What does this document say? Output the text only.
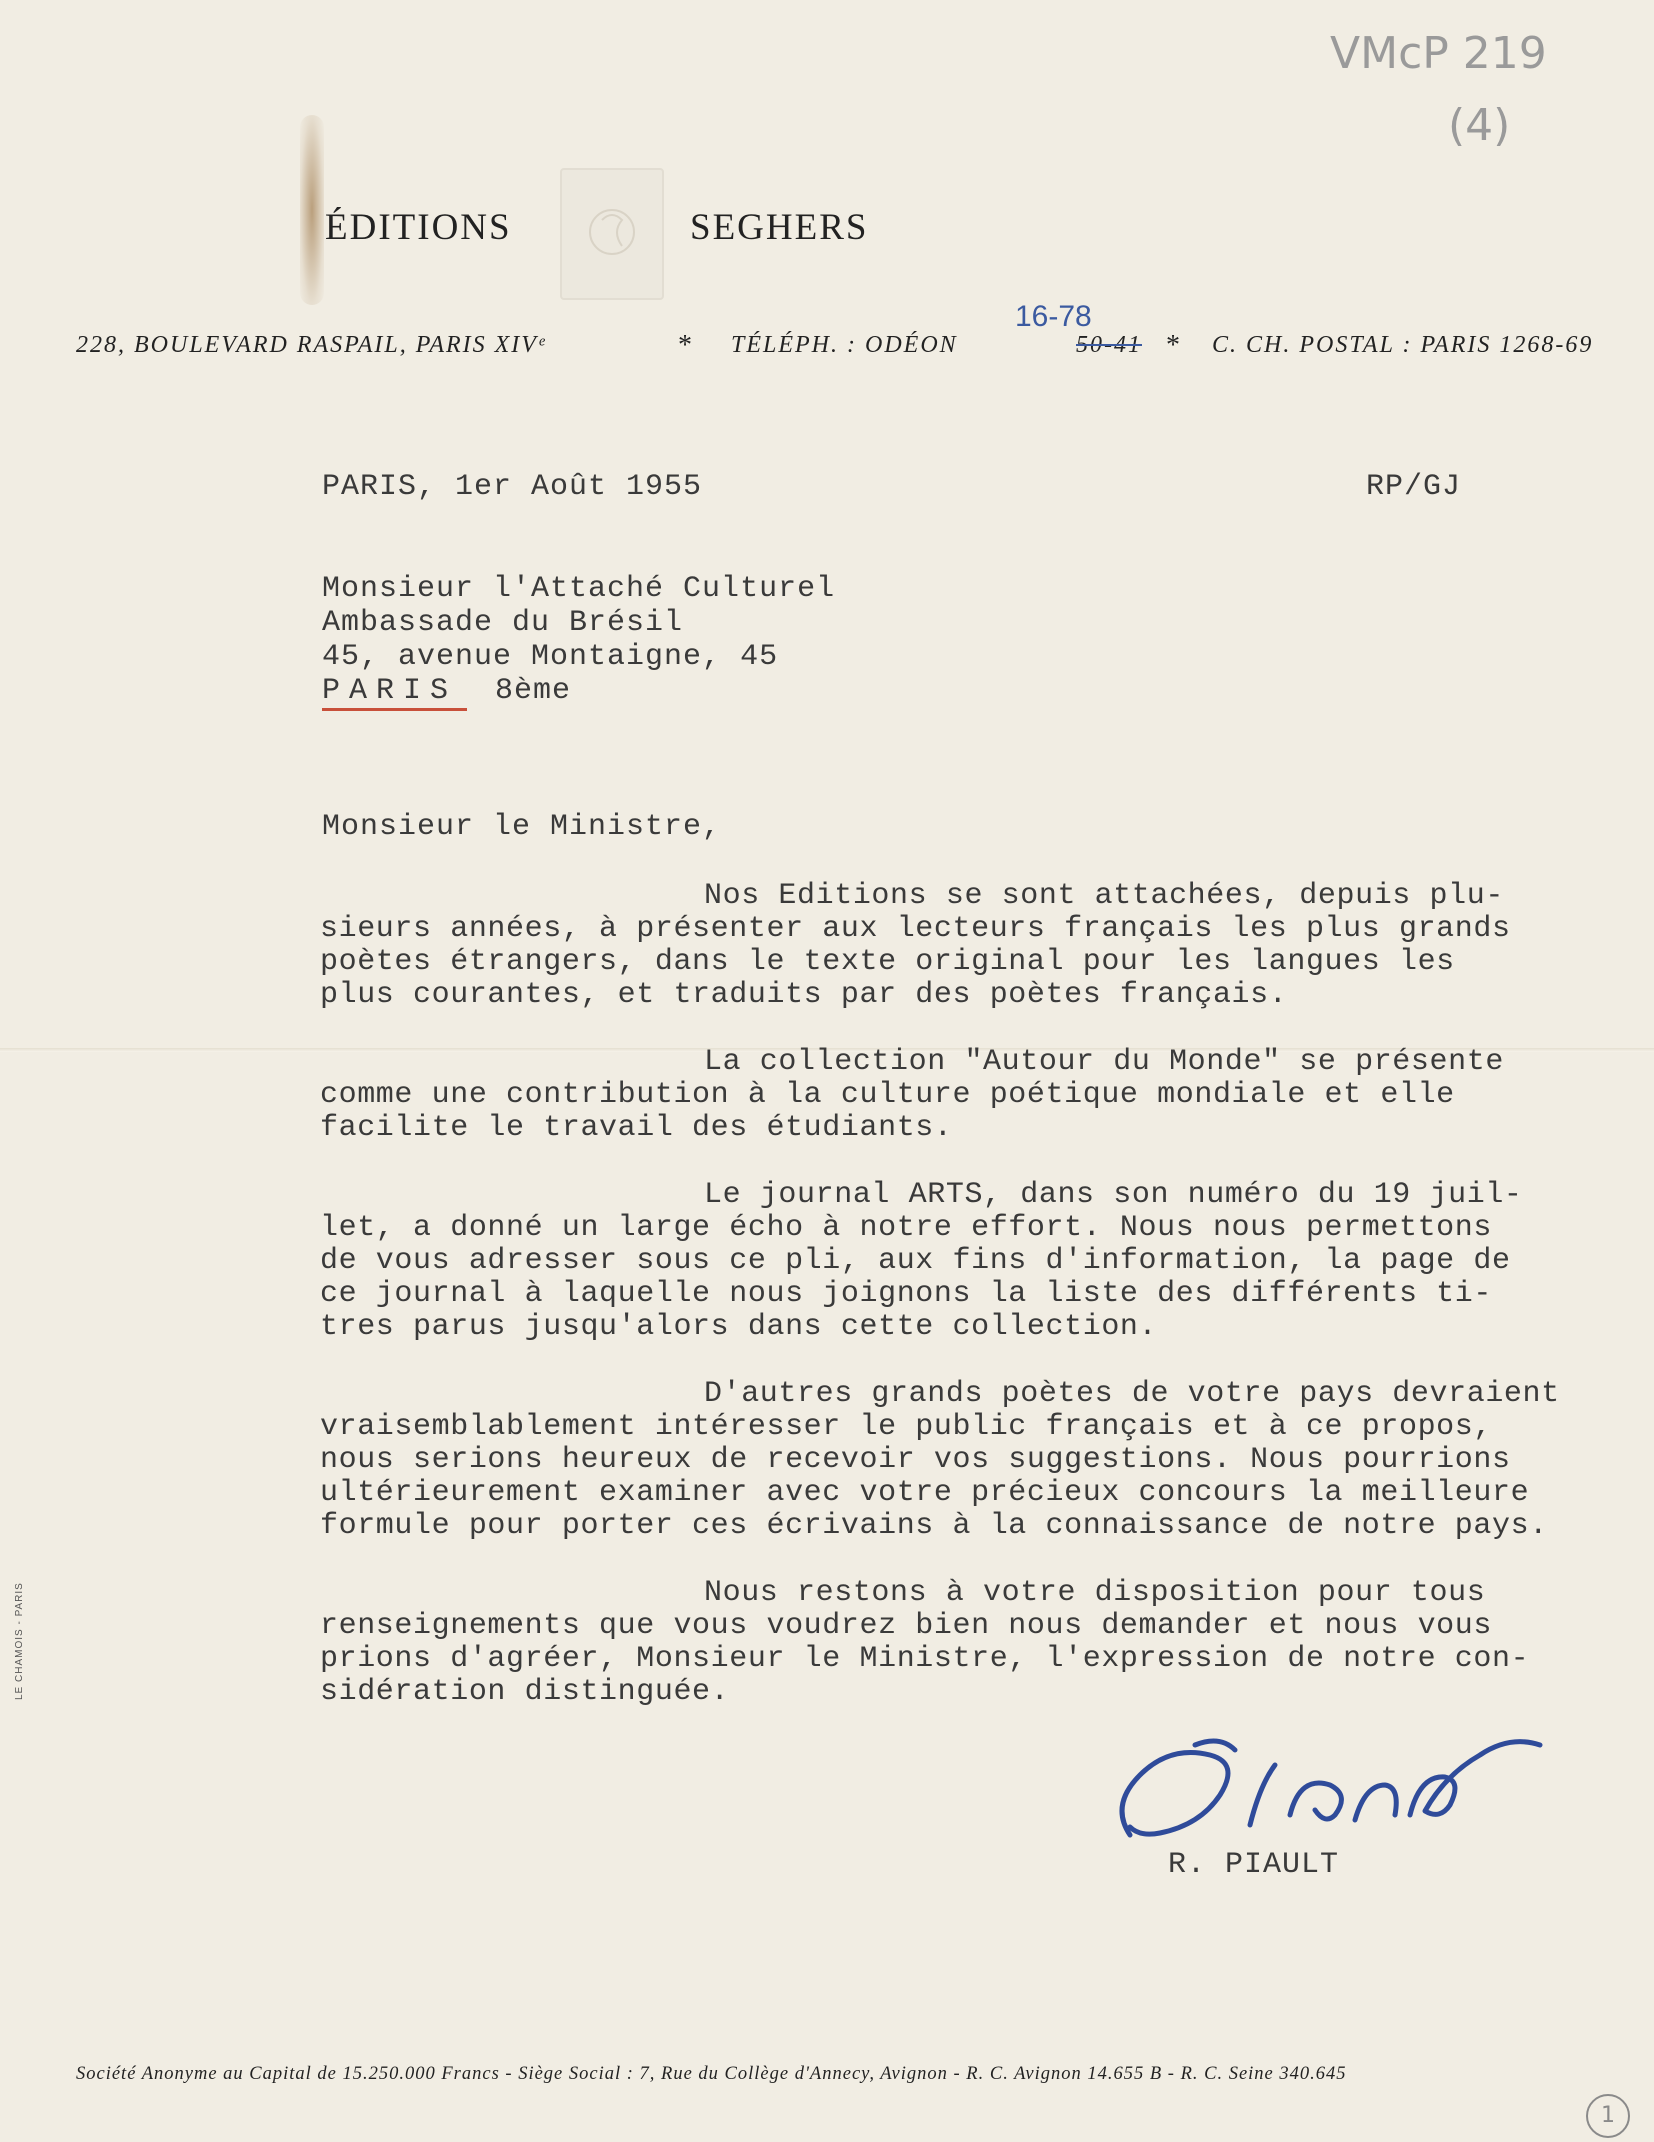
VMcP 219
(4)
ÉDITIONS	SEGHERS
16-78
228, BOULEVARD RASPAIL, PARIS XIVᵉ	* TÉLÉPH. : ODÉON	50-41 * C. CH. POSTAL : PARIS 1268-69
PARIS, 1er Août 1955	RP/GJ
Monsieur l'Attaché Culturel
Ambassade du Brésil
45, avenue Montaigne, 45
PARIS 8ème
Monsieur le Ministre,
Nos Editions se sont attachées, depuis plu-
sieurs années, à présenter aux lecteurs français les plus grands
poètes étrangers, dans le texte original pour les langues les
plus courantes, et traduits par des poètes français.
La collection "Autour du Monde" se présente
comme une contribution à la culture poétique mondiale et elle
facilite le travail des étudiants.
Le journal ARTS, dans son numéro du 19 juil-
let, a donné un large écho à notre effort. Nous nous permettons
de vous adresser sous ce pli, aux fins d'information, la page de
ce journal à laquelle nous joignons la liste des différents ti-
tres parus jusqu'alors dans cette collection.
D'autres grands poètes de votre pays devraient
vraisemblablement intéresser le public français et à ce propos,
nous serions heureux de recevoir vos suggestions. Nous pourrions
ultérieurement examiner avec votre précieux concours la meilleure
formule pour porter ces écrivains à la connaissance de notre pays.
Nous restons à votre disposition pour tous
renseignements que vous voudrez bien nous demander et nous vous
prions d'agréer, Monsieur le Ministre, l'expression de notre con-
sidération distinguée.
R. PIAULT
LE CHAMOIS - PARIS
Société Anonyme au Capital de 15.250.000 Francs - Siège Social : 7, Rue du Collège d'Annecy, Avignon - R. C. Avignon 14.655 B - R. C. Seine 340.645
1
